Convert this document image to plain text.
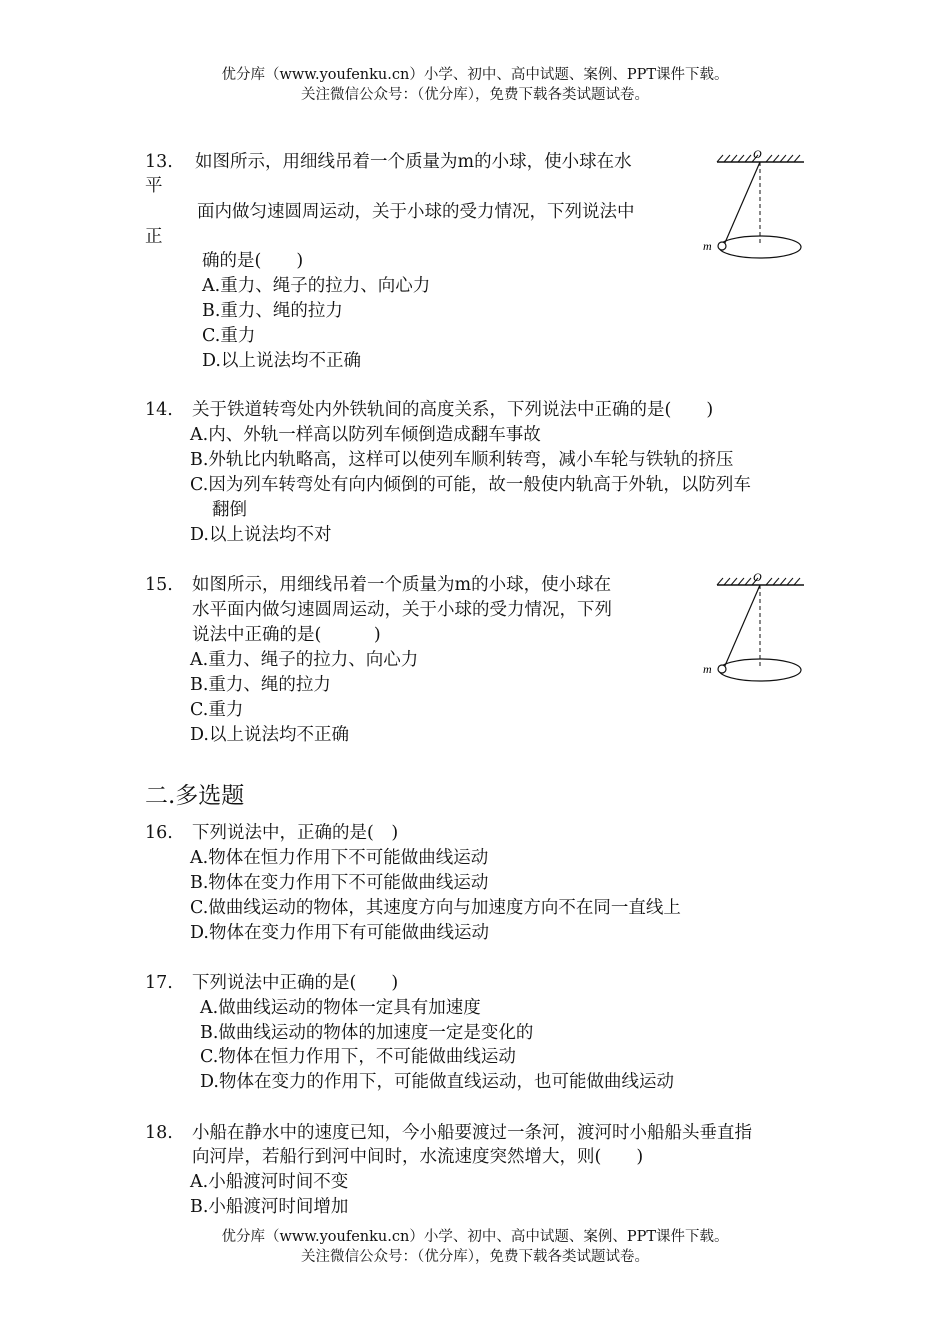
优分库（www.youfenku.cn）小学、初中、高中试题、案例、PPT课件下载。
关注微信公众号：（优分库），免费下载各类试题试卷。
13. 如图所示，用细线吊着一个质量为m的小球，使小球在水
平
面内做匀速圆周运动，关于小球的受力情况，下列说法中
正
确的是(　　)
A.重力、绳子的拉力、向心力
B.重力、绳的拉力
C.重力
D.以上说法均不正确
O
m
14. 关于铁道转弯处内外铁轨间的高度关系，下列说法中正确的是(　　)
A.内、外轨一样高以防列车倾倒造成翻车事故
B.外轨比内轨略高，这样可以使列车顺利转弯，减小车轮与铁轨的挤压
C.因为列车转弯处有向内倾倒的可能，故一般使内轨高于外轨，以防列车
翻倒
D.以上说法均不对
15. 如图所示，用细线吊着一个质量为m的小球，使小球在
水平面内做匀速圆周运动，关于小球的受力情况，下列
说法中正确的是(　　　)
A.重力、绳子的拉力、向心力
B.重力、绳的拉力
C.重力
D.以上说法均不正确
O
m
二.多选题
16. 下列说法中，正确的是(　)
A.物体在恒力作用下不可能做曲线运动
B.物体在变力作用下不可能做曲线运动
C.做曲线运动的物体，其速度方向与加速度方向不在同一直线上
D.物体在变力作用下有可能做曲线运动
17. 下列说法中正确的是(　　)
A.做曲线运动的物体一定具有加速度
B.做曲线运动的物体的加速度一定是变化的
C.物体在恒力作用下，不可能做曲线运动
D.物体在变力的作用下，可能做直线运动，也可能做曲线运动
18. 小船在静水中的速度已知，今小船要渡过一条河，渡河时小船船头垂直指
向河岸，若船行到河中间时，水流速度突然增大，则(　　)
A.小船渡河时间不变
B.小船渡河时间增加
优分库（www.youfenku.cn）小学、初中、高中试题、案例、PPT课件下载。
关注微信公众号：（优分库），免费下载各类试题试卷。
